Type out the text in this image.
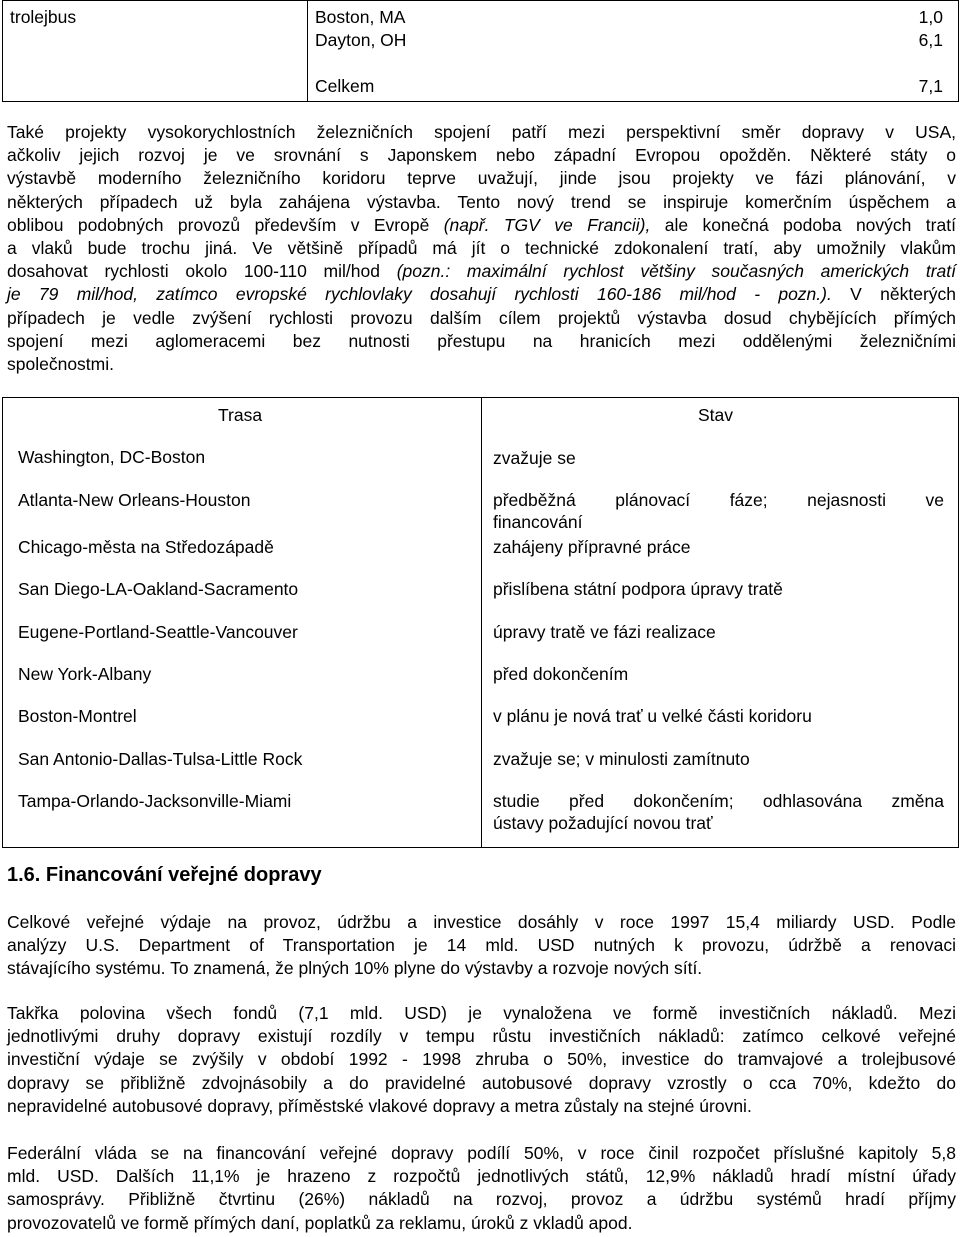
trolejbus	Boston, MA	1,0
Dayton, OH	6,1
Celkem	7,1
Také projekty vysokorychlostních železničních spojení patří mezi perspektivní směr dopravy v USA,
ačkoliv jejich rozvoj je ve srovnání s Japonskem nebo západní Evropou opožděn. Některé státy o
výstavbě moderního železničního koridoru teprve uvažují, jinde jsou projekty ve fázi plánování, v
některých případech už byla zahájena výstavba. Tento nový trend se inspiruje komerčním úspěchem a
oblibou podobných provozů především v Evropě (např. TGV ve Francii), ale konečná podoba nových tratí
a vlaků bude trochu jiná. Ve většině případů má jít o technické zdokonalení tratí, aby umožnily vlakům
dosahovat rychlosti okolo 100-110 mil/hod (pozn.: maximální rychlost většiny současných amerických tratí
je 79 mil/hod, zatímco evropské rychlovlaky dosahují rychlosti 160-186 mil/hod - pozn.). V některých
případech je vedle zvýšení rychlosti provozu dalším cílem projektů výstavba dosud chybějících přímých
spojení mezi aglomeracemi bez nutnosti přestupu na hranicích mezi oddělenými železničními
společnostmi.
Trasa	Stav
Washington, DC-Boston	zvažuje se
Atlanta-New Orleans-Houston	předběžná plánovací fáze; nejasnosti ve
financování
Chicago-města na Středozápadě	zahájeny přípravné práce
San Diego-LA-Oakland-Sacramento	přislíbena státní podpora úpravy tratě
Eugene-Portland-Seattle-Vancouver	úpravy tratě ve fázi realizace
New York-Albany	před dokončením
Boston-Montrel	v plánu je nová trať u velké části koridoru
San Antonio-Dallas-Tulsa-Little Rock	zvažuje se; v minulosti zamítnuto
Tampa-Orlando-Jacksonville-Miami	studie před dokončením; odhlasována změna
ústavy požadující novou trať
1.6. Financování veřejné dopravy
Celkové veřejné výdaje na provoz, údržbu a investice dosáhly v roce 1997 15,4 miliardy USD. Podle
analýzy U.S. Department of Transportation je 14 mld. USD nutných k provozu, údržbě a renovaci
stávajícího systému. To znamená, že plných 10% plyne do výstavby a rozvoje nových sítí.
Takřka polovina všech fondů (7,1 mld. USD) je vynaložena ve formě investičních nákladů. Mezi
jednotlivými druhy dopravy existují rozdíly v tempu růstu investičních nákladů: zatímco celkové veřejné
investiční výdaje se zvýšily v období 1992 - 1998 zhruba o 50%, investice do tramvajové a trolejbusové
dopravy se přibližně zdvojnásobily a do pravidelné autobusové dopravy vzrostly o cca 70%, kdežto do
nepravidelné autobusové dopravy, příměstské vlakové dopravy a metra zůstaly na stejné úrovni.
Federální vláda se na financování veřejné dopravy podílí 50%, v roce činil rozpočet příslušné kapitoly 5,8
mld. USD. Dalších 11,1% je hrazeno z rozpočtů jednotlivých států, 12,9% nákladů hradí místní úřady
samosprávy. Přibližně čtvrtinu (26%) nákladů na rozvoj, provoz a údržbu systémů hradí příjmy
provozovatelů ve formě přímých daní, poplatků za reklamu, úroků z vkladů apod.
